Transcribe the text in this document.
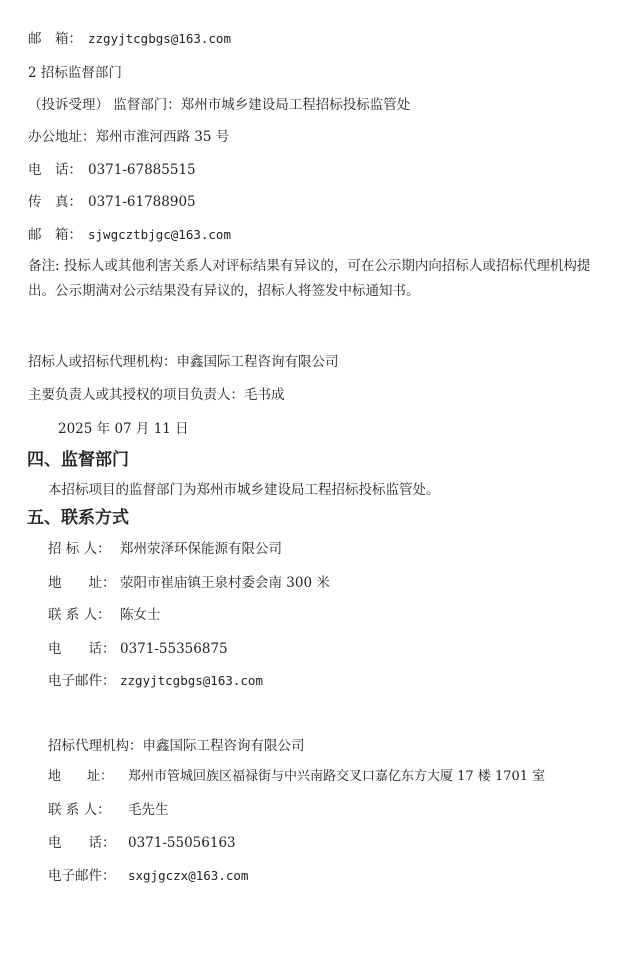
邮　箱： zzgyjtcgbgs@163.com
2 招标监督部门
（投诉受理） 监督部门：郑州市城乡建设局工程招标投标监管处
办公地址：郑州市淮河西路 35 号
电　话： 0371-67885515
传　真： 0371-61788905
邮　箱： sjwgcztbjgc@163.com
备注: 投标人或其他利害关系人对评标结果有异议的，可在公示期内向招标人或招标代理机构提出。公示期满对公示结果没有异议的，招标人将签发中标通知书。
招标人或招标代理机构：申鑫国际工程咨询有限公司
主要负责人或其授权的项目负责人：毛书成
2025 年 07 月 11 日
四、监督部门
本招标项目的监督部门为郑州市城乡建设局工程招标投标监管处。
五、联系方式
招 标 人： 郑州荥泽环保能源有限公司
地　　址： 荥阳市崔庙镇王泉村委会南 300 米
联 系 人： 陈女士
电　　话： 0371-55356875
电子邮件： zzgyjtcgbgs@163.com
招标代理机构：申鑫国际工程咨询有限公司
地　　址： 郑州市管城回族区福禄街与中兴南路交叉口嘉亿东方大厦 17 楼 1701 室
联 系 人： 毛先生
电　　话： 0371-55056163
电子邮件： sxgjgczx@163.com
